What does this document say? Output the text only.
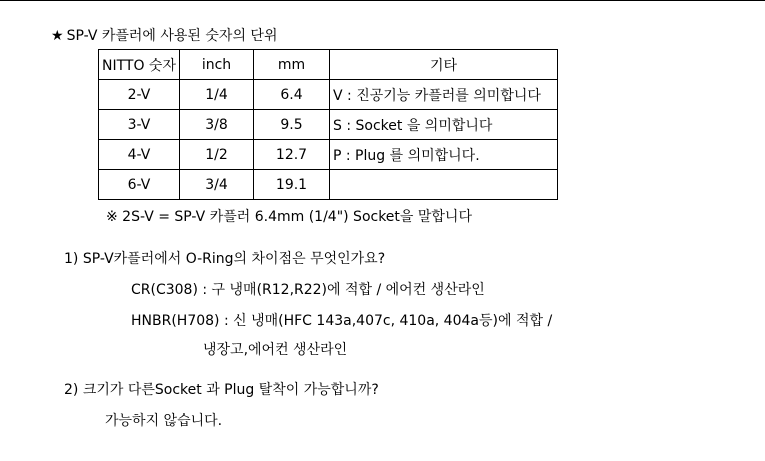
★ SP-V 카플러에 사용된 숫자의 단위
NITTO 숫자	inch	mm	기타
2-V	1/4	6.4	V : 진공기능 카플러를 의미합니다
3-V	3/8	9.5	S : Socket 을 의미합니다
4-V	1/2	12.7	P : Plug 를 의미합니다.
6-V	3/4	19.1	
※ 2S-V = SP-V 카플러 6.4mm (1/4") Socket을 말합니다
1) SP-V카플러에서 O-Ring의 차이점은 무엇인가요?
CR(C308) : 구 냉매(R12,R22)에 적합 / 에어컨 생산라인
HNBR(H708) : 신 냉매(HFC 143a,407c, 410a, 404a등)에 적합 /
냉장고,에어컨 생산라인
2) 크기가 다른Socket 과 Plug 탈착이 가능합니까?
가능하지 않습니다.
